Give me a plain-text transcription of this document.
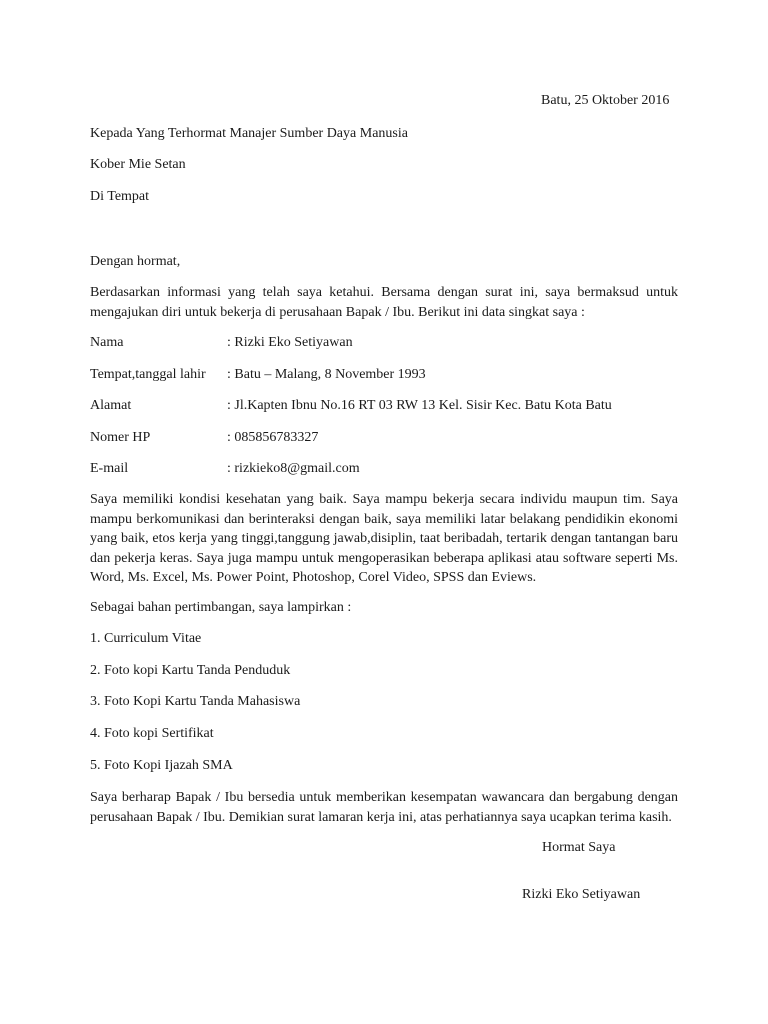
Batu, 25 Oktober 2016
Kepada Yang Terhormat Manajer Sumber Daya Manusia
Kober Mie Setan
Di Tempat
Dengan hormat,
Berdasarkan informasi yang telah saya ketahui. Bersama dengan surat ini, saya bermaksud untuk mengajukan diri untuk bekerja di perusahaan Bapak / Ibu. Berikut ini data singkat saya :
Nama	: Rizki Eko Setiyawan
Tempat,tanggal lahir : Batu – Malang, 8 November 1993
Alamat	: Jl.Kapten Ibnu No.16 RT 03 RW 13 Kel. Sisir Kec. Batu Kota Batu
Nomer HP	: 085856783327
E-mail	: rizkieko8@gmail.com
Saya memiliki kondisi kesehatan yang baik. Saya mampu bekerja secara individu maupun tim. Saya mampu berkomunikasi dan berinteraksi dengan baik, saya memiliki latar belakang pendidikin ekonomi yang baik, etos kerja yang tinggi,tanggung jawab,disiplin, taat beribadah, tertarik dengan tantangan baru dan pekerja keras. Saya juga mampu untuk mengoperasikan beberapa aplikasi atau software seperti Ms. Word, Ms. Excel, Ms. Power Point, Photoshop, Corel Video, SPSS dan Eviews.
Sebagai bahan pertimbangan, saya lampirkan :
1. Curriculum Vitae
2. Foto kopi Kartu Tanda Penduduk
3. Foto Kopi Kartu Tanda Mahasiswa
4. Foto kopi Sertifikat
5. Foto Kopi Ijazah SMA
Saya berharap Bapak / Ibu bersedia untuk memberikan kesempatan wawancara dan bergabung dengan perusahaan Bapak / Ibu. Demikian surat lamaran kerja ini, atas perhatiannya saya ucapkan terima kasih.
Hormat Saya
Rizki Eko Setiyawan
